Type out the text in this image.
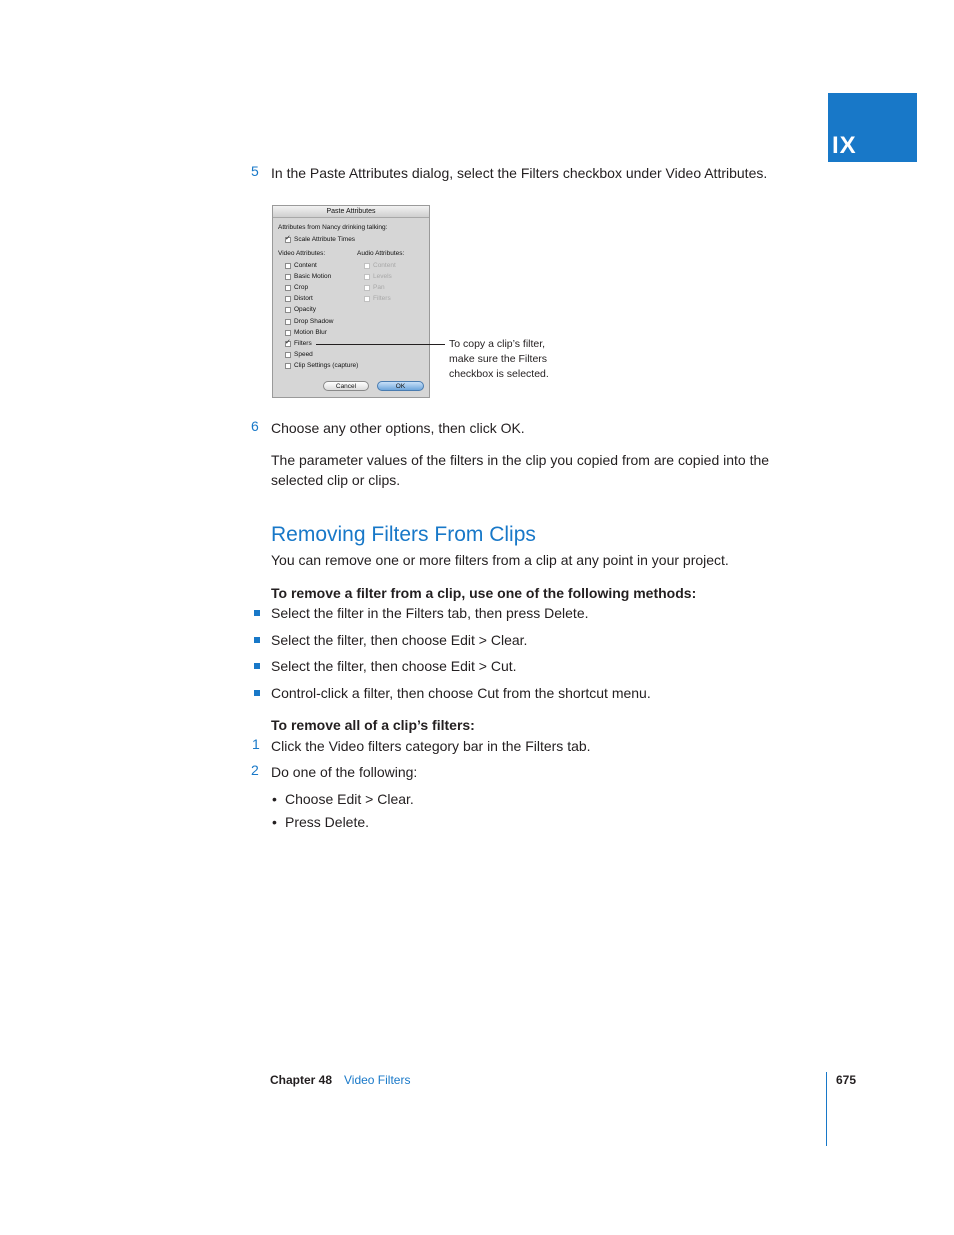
IX
5 In the Paste Attributes dialog, select the Filters checkbox under Video Attributes.
Paste Attributes
Attributes from Nancy drinking talking:
✓
Scale Attribute Times
Video Attributes:	Audio Attributes:
Content
Basic Motion
Crop
Distort
Opacity
Drop Shadow
Motion Blur
✓
Filters
Speed
Clip Settings (capture)
Content
Levels
Pan
Filters
Cancel	OK
To copy a clip’s filter,
make sure the Filters
checkbox is selected.
6 Choose any other options, then click OK.
The parameter values of the filters in the clip you copied from are copied into the
selected clip or clips.
Removing Filters From Clips
You can remove one or more filters from a clip at any point in your project.
To remove a filter from a clip, use one of the following methods:
Select the filter in the Filters tab, then press Delete.
Select the filter, then choose Edit > Clear.
Select the filter, then choose Edit > Cut.
Control-click a filter, then choose Cut from the shortcut menu.
To remove all of a clip’s filters:
1 Click the Video filters category bar in the Filters tab.
2 Do one of the following:
• Choose Edit > Clear.
• Press Delete.
Chapter 48 Video Filters	675
